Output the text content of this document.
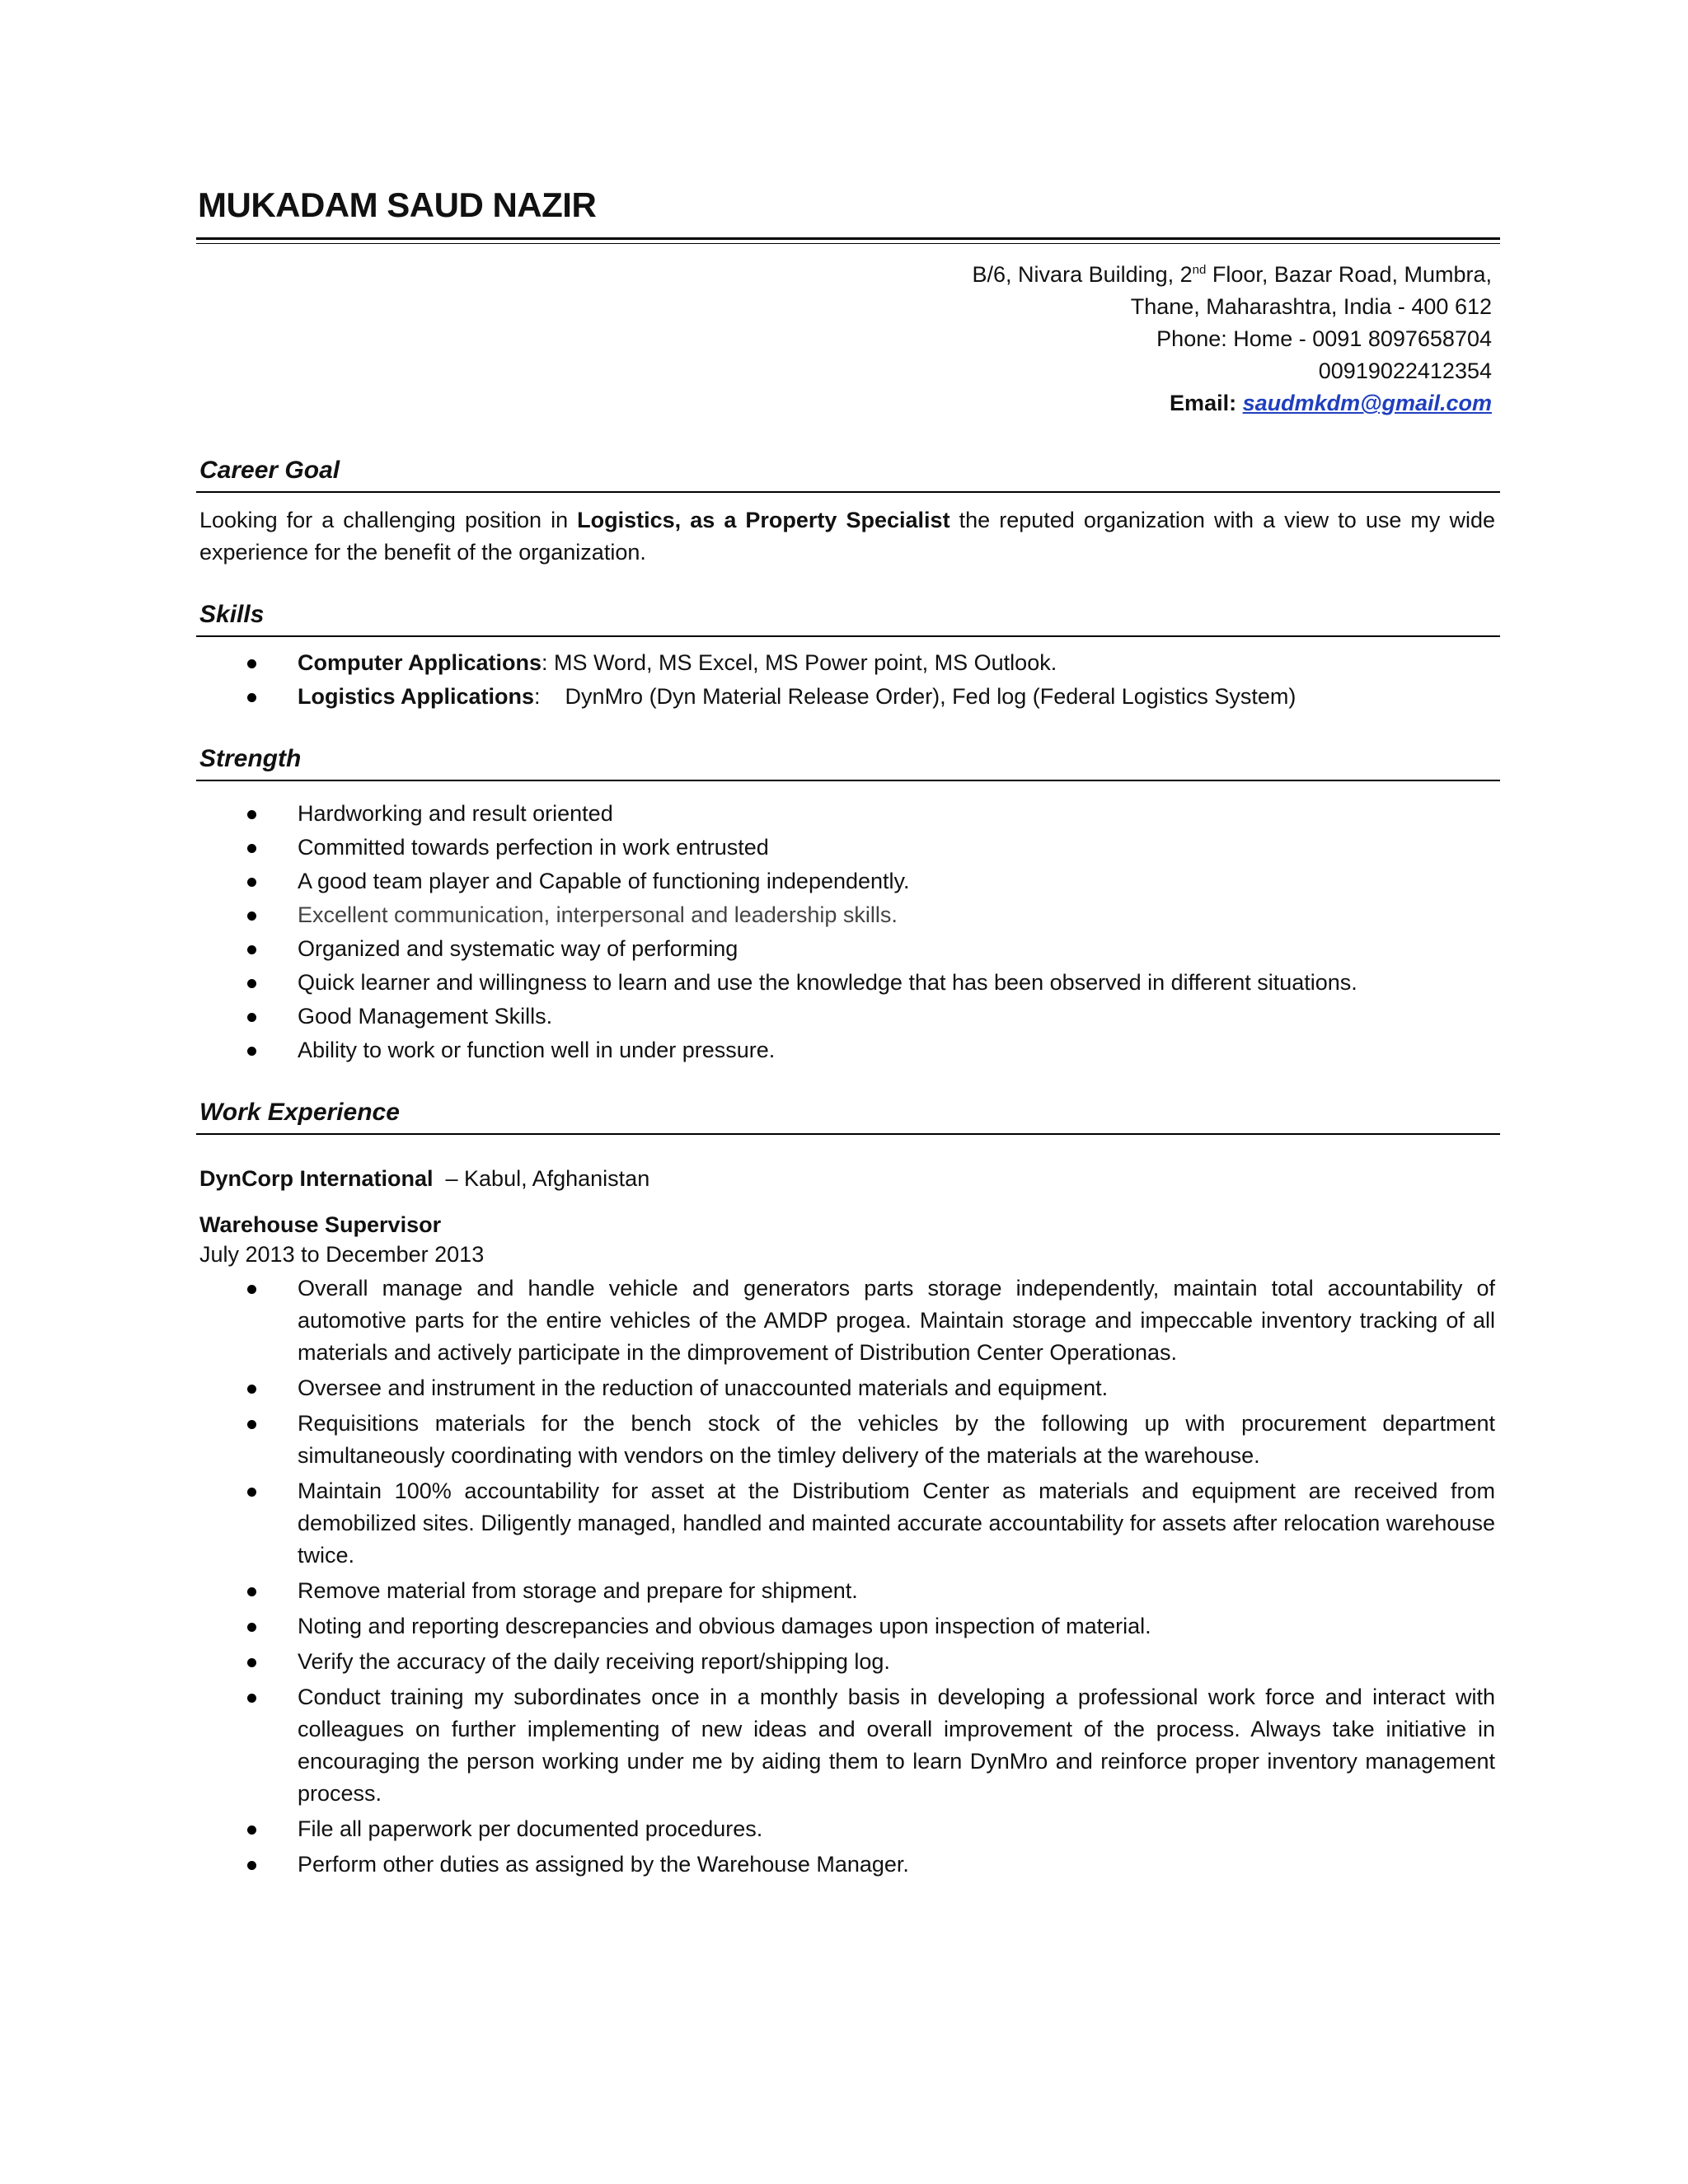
MUKADAM SAUD NAZIR
B/6, Nivara Building, 2nd Floor, Bazar Road, Mumbra,
Thane, Maharashtra, India - 400 612
Phone: Home - 0091 8097658704
00919022412354
Email: saudmkdm@gmail.com
Career Goal

Looking for a challenging position in Logistics, as a Property Specialist the reputed organization with a view to use my wide experience for the benefit of the organization.

Skills
Computer Applications: MS Word, MS Excel, MS Power point, MS Outlook.
Logistics Applications:    DynMro (Dyn Material Release Order), Fed log (Federal Logistics System)
Strength
Hardworking and result oriented
Committed towards perfection in work entrusted
A good team player and Capable of functioning independently.
Excellent communication, interpersonal and leadership skills.
Organized and systematic way of performing
Quick learner and willingness to learn and use the knowledge that has been observed in different situations.
Good Management Skills.
Ability to work or function well in under pressure.
Work Experience
DynCorp International  – Kabul, Afghanistan
Warehouse Supervisor
July 2013 to December 2013
Overall manage and handle vehicle and generators parts storage independently, maintain total accountability of automotive parts for the entire vehicles of the AMDP progea. Maintain storage and impeccable inventory tracking of all materials and actively participate in the dimprovement of Distribution Center Operationas.
Oversee and instrument in the reduction of unaccounted materials and equipment.
Requisitions materials for the bench stock of the vehicles by the following up with procurement department simultaneously coordinating with vendors on the timley delivery of the materials at the warehouse.
Maintain 100% accountability for asset at the Distributiom Center as materials and equipment are received from demobilized sites. Diligently managed, handled and mainted accurate accountability for assets after relocation warehouse twice.
Remove material from storage and prepare for shipment.
Noting and reporting descrepancies and obvious damages upon inspection of material.
Verify the accuracy of the daily receiving report/shipping log.
Conduct training my subordinates once in a monthly basis in developing a professional work force and interact with colleagues on further implementing of new ideas and overall improvement of the process. Always take initiative in encouraging the person working under me by aiding them to learn DynMro and reinforce proper inventory management process.
File all paperwork per documented procedures.
Perform other duties as assigned by the Warehouse Manager.
